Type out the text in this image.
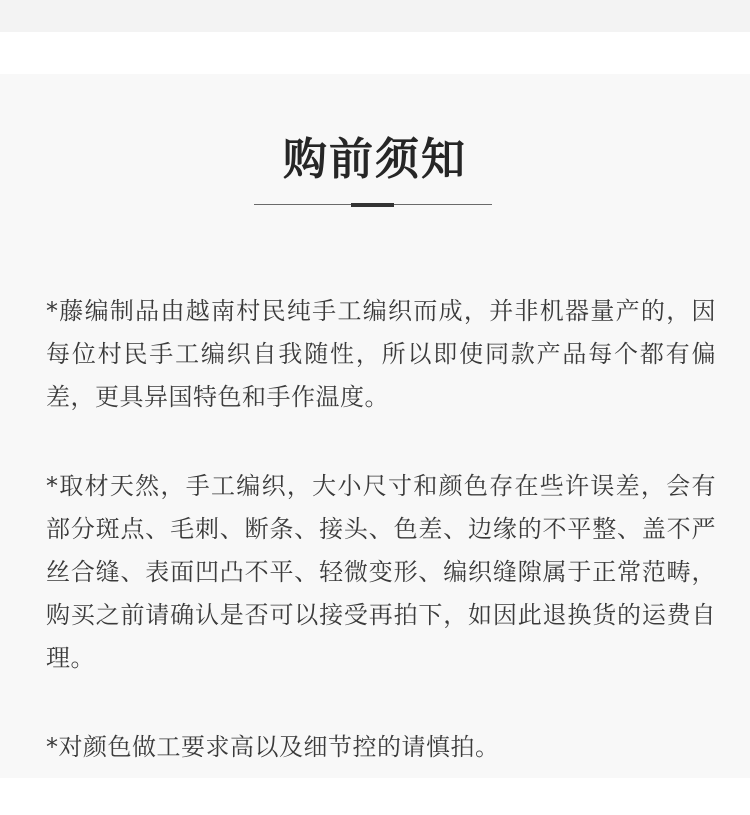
购前须知

*藤编制品由越南村民纯手工编织而成，并非机器量产的，因每位村民手工编织自我随性，所以即使同款产品每个都有偏差，更具异国特色和手作温度。

*取材天然，手工编织，大小尺寸和颜色存在些许误差，会有部分斑点、毛刺、断条、接头、色差、边缘的不平整、盖不严丝合缝、表面凹凸不平、轻微变形、编织缝隙属于正常范畴，购买之前请确认是否可以接受再拍下，如因此退换货的运费自理。

*对颜色做工要求高以及细节控的请慎拍。
